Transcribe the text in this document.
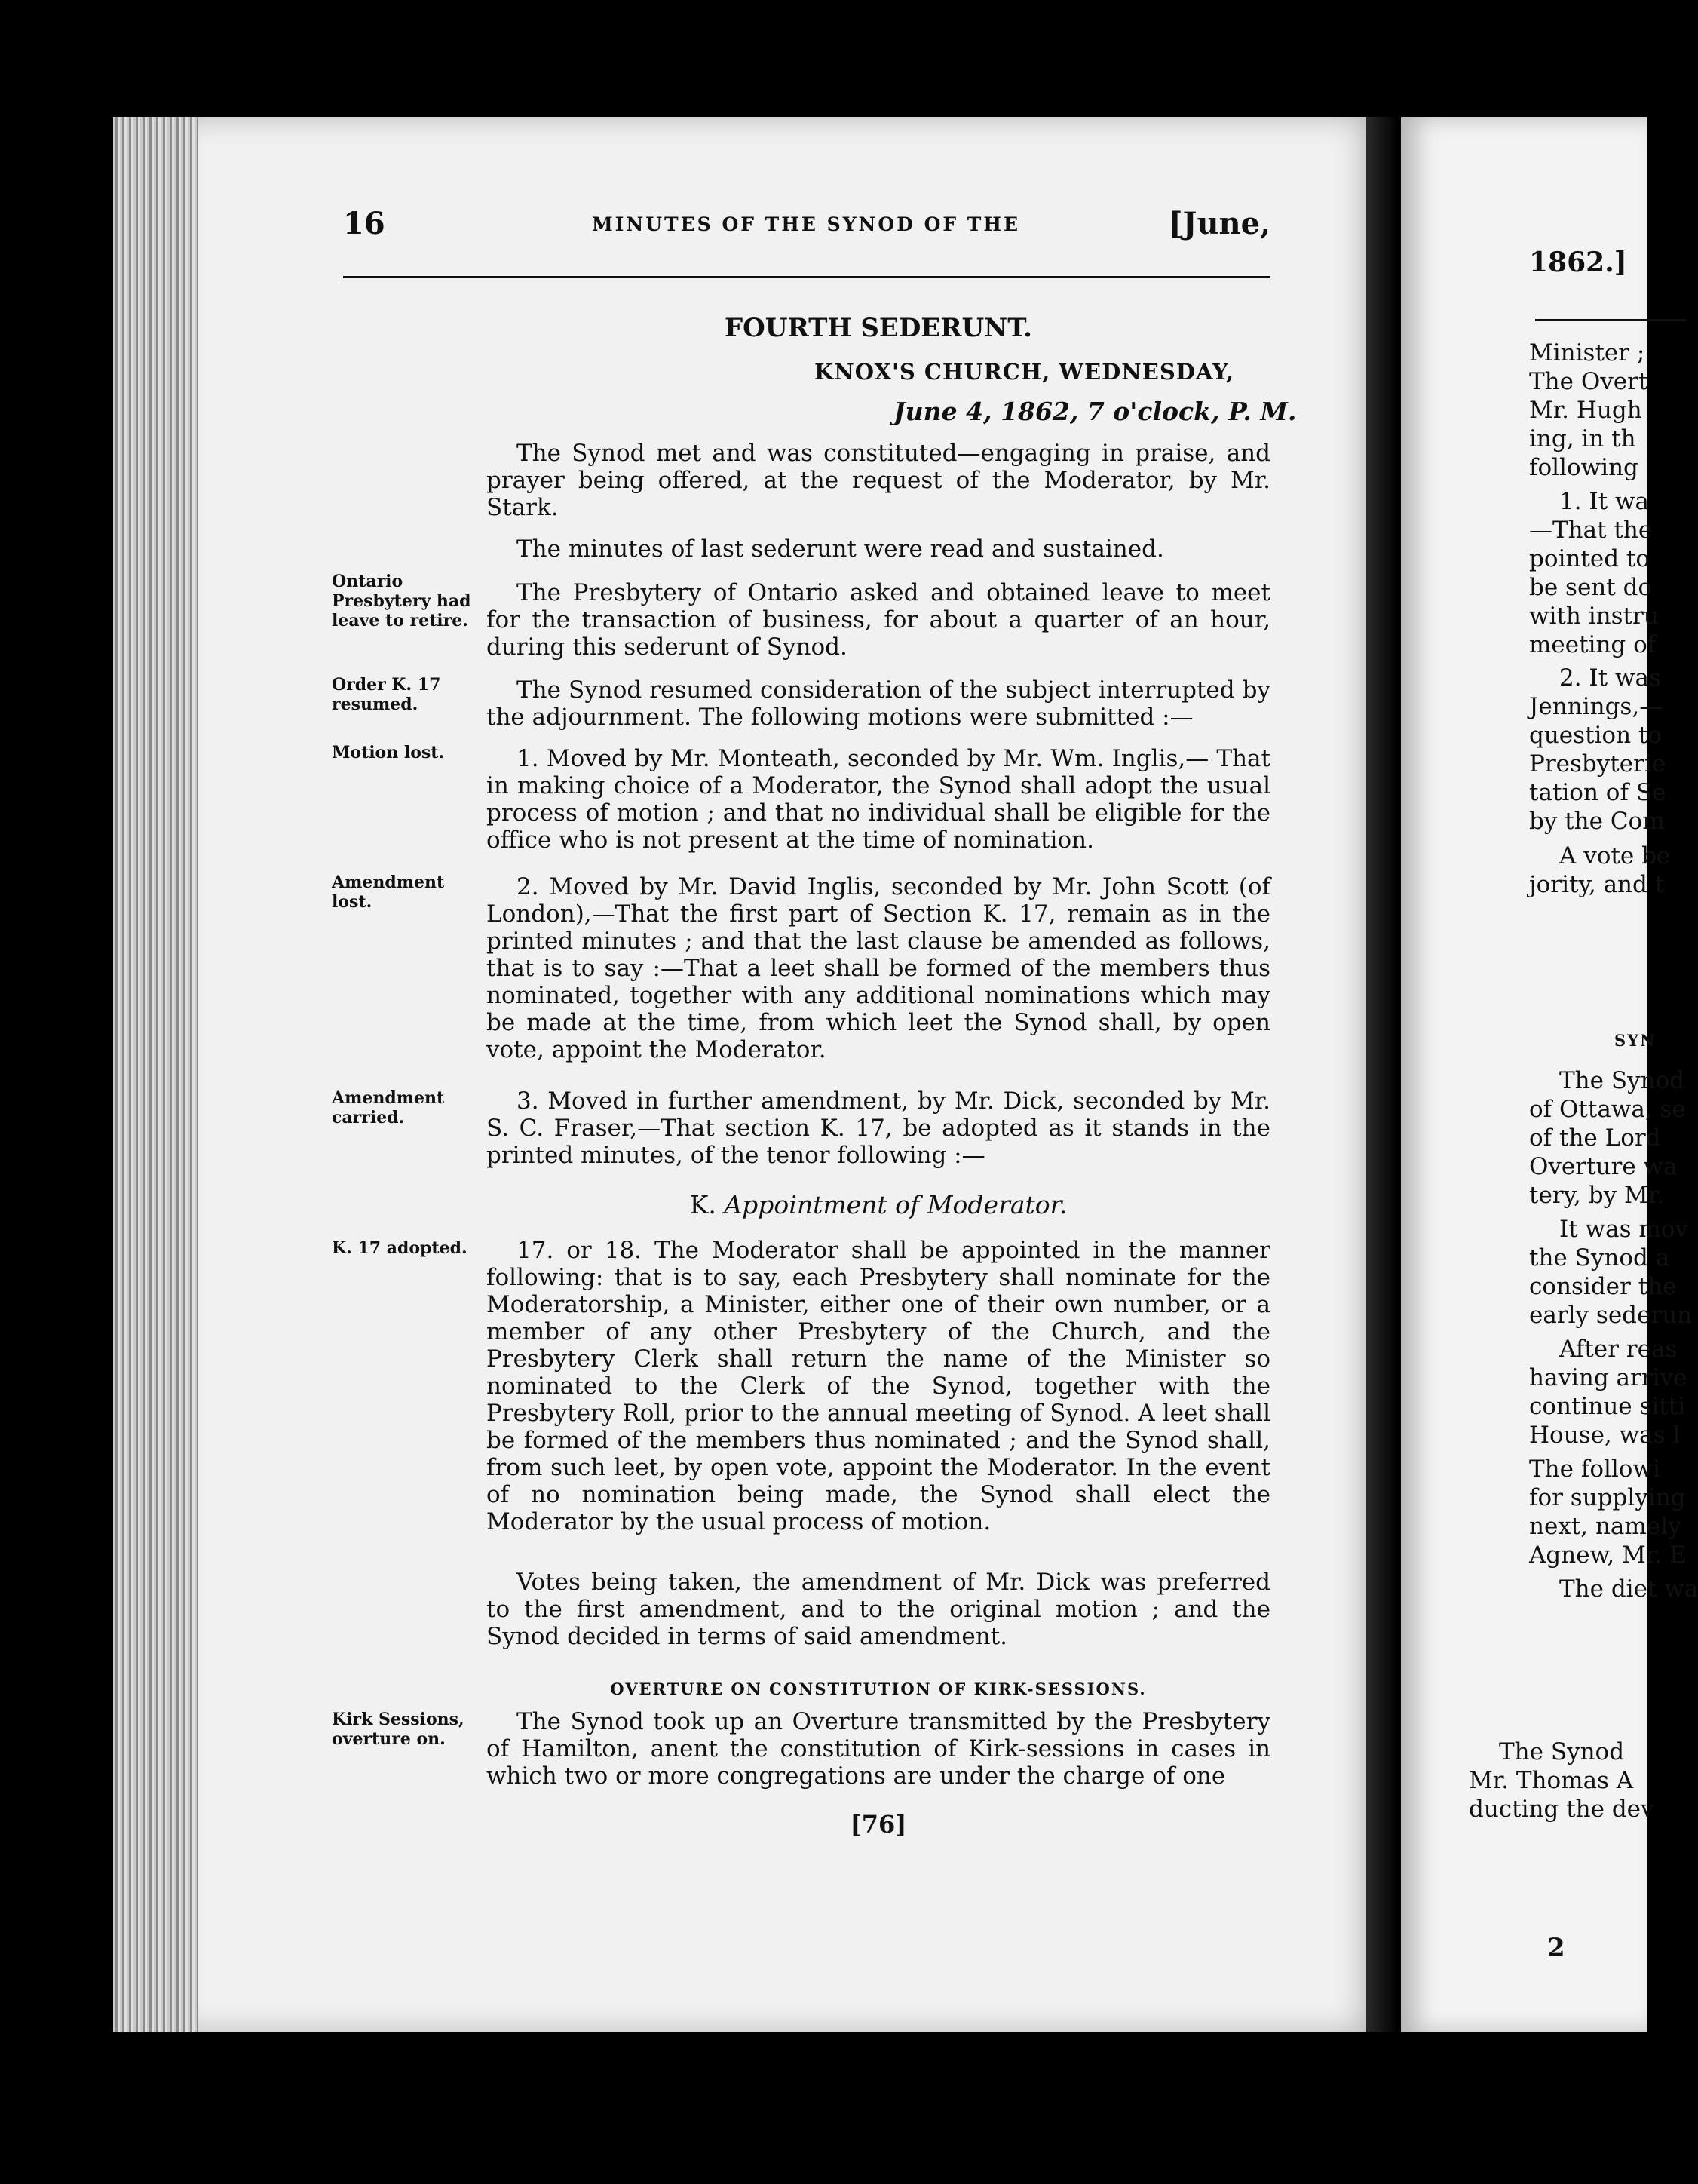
16	MINUTES OF THE SYNOD OF THE	[June,
FOURTH SEDERUNT.
KNOX'S CHURCH, WEDNESDAY,
June 4, 1862, 7 o'clock, P. M.

The Synod met and was constituted—engaging in praise, and prayer being offered, at the request of the Moderator, by Mr. Stark.

The minutes of last sederunt were read and sustained.

The Presbytery of Ontario asked and obtained leave to meet for the transaction of business, for about a quarter of an hour, during this sederunt of Synod.

The Synod resumed consideration of the subject interrupted by the adjournment. The following motions were submitted :—

1. Moved by Mr. Monteath, seconded by Mr. Wm. Inglis,— That in making choice of a Moderator, the Synod shall adopt the usual process of motion ; and that no individual shall be eligible for the office who is not present at the time of nomination.

2. Moved by Mr. David Inglis, seconded by Mr. John Scott (of London),—That the first part of Section K. 17, remain as in the printed minutes ; and that the last clause be amended as follows, that is to say :—That a leet shall be formed of the members thus nominated, together with any additional nominations which may be made at the time, from which leet the Synod shall, by open vote, appoint the Moderator.

3. Moved in further amendment, by Mr. Dick, seconded by Mr. S. C. Fraser,—That section K. 17, be adopted as it stands in the printed minutes, of the tenor following :—

K. Appointment of Moderator.

17. or 18. The Moderator shall be appointed in the manner following: that is to say, each Presbytery shall nominate for the Moderatorship, a Minister, either one of their own number, or a member of any other Presbytery of the Church, and the Presbytery Clerk shall return the name of the Minister so nominated to the Clerk of the Synod, together with the Presbytery Roll, prior to the annual meeting of Synod. A leet shall be formed of the members thus nominated ; and the Synod shall, from such leet, by open vote, appoint the Moderator. In the event of no nomination being made, the Synod shall elect the Moderator by the usual process of motion.

Votes being taken, the amendment of Mr. Dick was preferred to the first amendment, and to the original motion ; and the Synod decided in terms of said amendment.

OVERTURE ON CONSTITUTION OF KIRK-SESSIONS.

The Synod took up an Overture transmitted by the Presbytery of Hamilton, anent the constitution of Kirk-sessions in cases in which two or more congregations are under the charge of one

[76]
Ontario Presbytery had leave to retire.
Order K. 17 resumed.
Motion lost.
Amendment lost.
Amendment carried.
K. 17 adopted.
Kirk Sessions, overture on.
1862.]
Minister ;
The Overt
Mr. Hugh
ing, in th
following
1. It wa
—That the
pointed to
be sent do
with instru
meeting of
2. It was
Jennings,—
question to
Presbyterie
tation of Se
by the Com
A vote be
jority, and t
SYN
The Synod
of Ottawa, se
of the Lord
Overture wa
tery, by Mr.
It was mov
the Synod a
consider the
early sederun
After reas
having arrive
continue sitti
House, was l
The followi
for supplying
next, namely
Agnew, Mr. E
The diet wa
The Synod
Mr. Thomas A
ducting the dev
2
